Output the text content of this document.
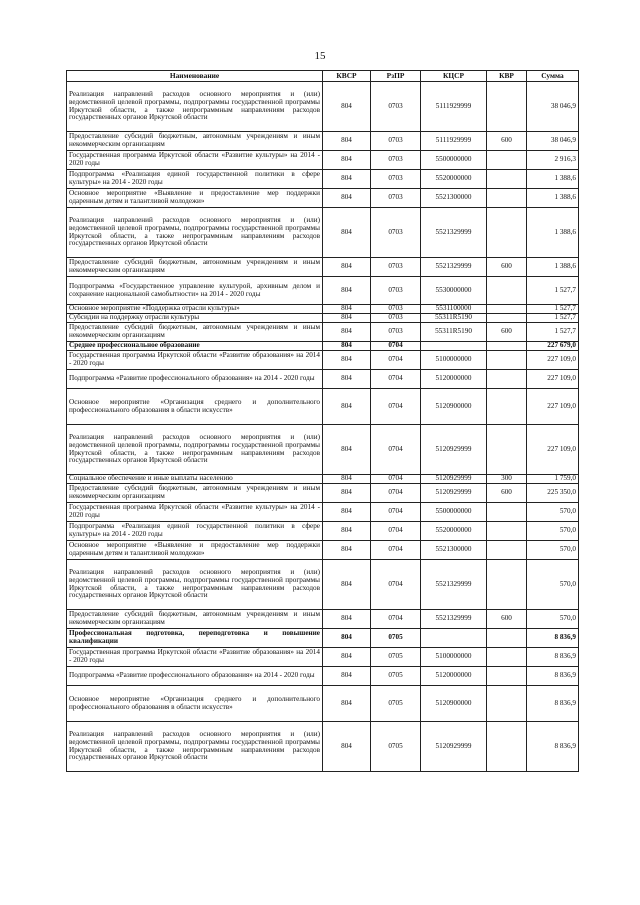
15
Наименование	КВСР	РзПР	КЦСР	КВР	Сумма
Реализация направлений расходов основного мероприятия и (или) ведомственной целевой программы, подпрограммы государственной программы Иркутской области, а также непрограммным направлениям расходов государственных органов Иркутской области	804	0703	5111929999		38 046,9
Предоставление субсидий бюджетным, автономным учреждениям и иным некоммерческим организациям	804	0703	5111929999	600	38 046,9
Государственная программа Иркутской области «Развитие культуры» на 2014 - 2020 годы	804	0703	5500000000		2 916,3
Подпрограмма «Реализация единой государственной политики в сфере культуры» на 2014 - 2020 годы	804	0703	5520000000		1 388,6
Основное мероприятие «Выявление и предоставление мер поддержки одаренным детям и талантливой молодежи»	804	0703	5521300000		1 388,6
Реализация направлений расходов основного мероприятия и (или) ведомственной целевой программы, подпрограммы государственной программы Иркутской области, а также непрограммным направлениям расходов государственных органов Иркутской области	804	0703	5521329999		1 388,6
Предоставление субсидий бюджетным, автономным учреждениям и иным некоммерческим организациям	804	0703	5521329999	600	1 388,6
Подпрограмма «Государственное управление культурой, архивным делом и сохранение национальной самобытности» на 2014 - 2020 годы	804	0703	5530000000		1 527,7
Основное мероприятие «Поддержка отрасли культуры»	804	0703	5531100000		1 527,7
Субсидии на поддержку отрасли культуры	804	0703	55311R5190		1 527,7
Предоставление субсидий бюджетным, автономным учреждениям и иным некоммерческим организациям	804	0703	55311R5190	600	1 527,7
Среднее профессиональное образование	804	0704			227 679,0
Государственная программа Иркутской области «Развитие образования» на 2014 - 2020 годы	804	0704	5100000000		227 109,0
Подпрограмма «Развитие профессионального образования» на 2014 - 2020 годы	804	0704	5120000000		227 109,0
Основное мероприятие «Организация среднего и дополнительного профессионального образования в области искусств»	804	0704	5120900000		227 109,0
Реализация направлений расходов основного мероприятия и (или) ведомственной целевой программы, подпрограммы государственной программы Иркутской области, а также непрограммным направлениям расходов государственных органов Иркутской области	804	0704	5120929999		227 109,0
Социальное обеспечение и иные выплаты населению	804	0704	5120929999	300	1 759,0
Предоставление субсидий бюджетным, автономным учреждениям и иным некоммерческим организациям	804	0704	5120929999	600	225 350,0
Государственная программа Иркутской области «Развитие культуры» на 2014 - 2020 годы	804	0704	5500000000		570,0
Подпрограмма «Реализация единой государственной политики в сфере культуры» на 2014 - 2020 годы	804	0704	5520000000		570,0
Основное мероприятие «Выявление и предоставление мер поддержки одаренным детям и талантливой молодежи»	804	0704	5521300000		570,0
Реализация направлений расходов основного мероприятия и (или) ведомственной целевой программы, подпрограммы государственной программы Иркутской области, а также непрограммным направлениям расходов государственных органов Иркутской области	804	0704	5521329999		570,0
Предоставление субсидий бюджетным, автономным учреждениям и иным некоммерческим организациям	804	0704	5521329999	600	570,0
Профессиональная подготовка, переподготовка и повышение квалификации	804	0705			8 836,9
Государственная программа Иркутской области «Развитие образования» на 2014 - 2020 годы	804	0705	5100000000		8 836,9
Подпрограмма «Развитие профессионального образования» на 2014 - 2020 годы	804	0705	5120000000		8 836,9
Основное мероприятие «Организация среднего и дополнительного профессионального образования в области искусств»	804	0705	5120900000		8 836,9
Реализация направлений расходов основного мероприятия и (или) ведомственной целевой программы, подпрограммы государственной программы Иркутской области, а также непрограммным направлениям расходов государственных органов Иркутской области	804	0705	5120929999		8 836,9
